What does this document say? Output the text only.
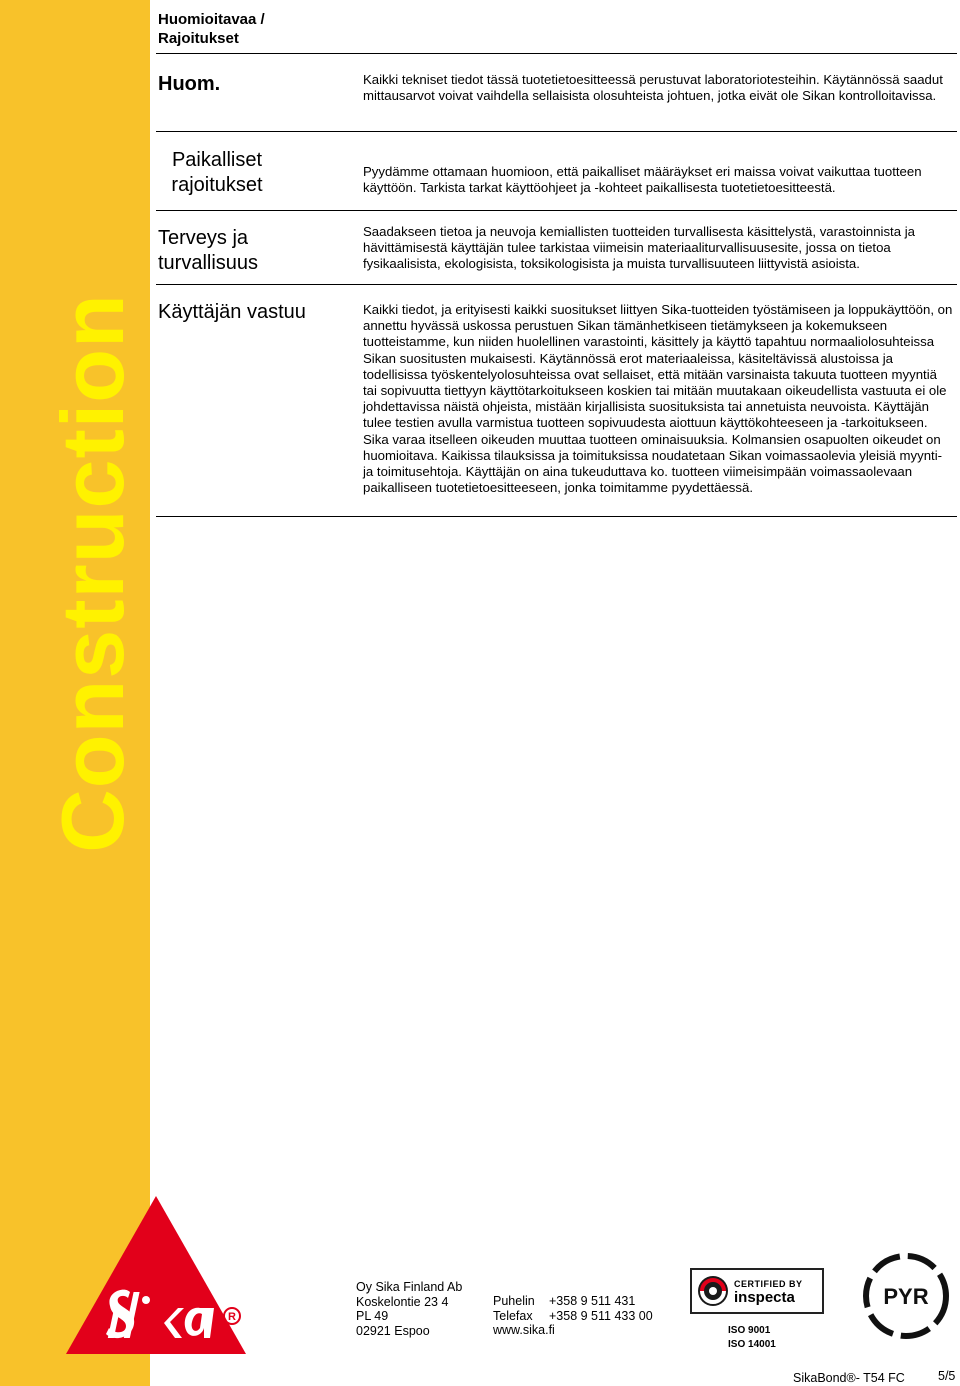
Construction
R
Huomioitavaa / Rajoitukset
Huom.
Paikalliset rajoitukset
Terveys ja turvallisuus
Käyttäjän vastuu
Kaikki tekniset tiedot tässä tuotetietoesitteessä perustuvat laboratoriotesteihin. Käytännössä saadut mittausarvot voivat vaihdella sellaisista olosuhteista johtuen, jotka eivät ole Sikan kontrolloitavissa.
Pyydämme ottamaan huomioon, että paikalliset määräykset eri maissa voivat vaikuttaa tuotteen käyttöön. Tarkista tarkat käyttöohjeet ja -kohteet paikallisesta tuotetietoesitteestä.
Saadakseen tietoa ja neuvoja kemiallisten tuotteiden turvallisesta käsittelystä, varastoinnista ja hävittämisestä käyttäjän tulee tarkistaa viimeisin materiaaliturvallisuusesite, jossa on tietoa fysikaalisista, ekologisista, toksikologisista ja muista turvallisuuteen liittyvistä asioista.
Kaikki tiedot, ja erityisesti kaikki suositukset liittyen Sika-tuotteiden työstämiseen ja loppukäyttöön, on annettu hyvässä uskossa perustuen Sikan tämänhetkiseen tietämykseen ja kokemukseen tuotteistamme, kun niiden huolellinen varastointi, käsittely ja käyttö tapahtuu normaaliolosuhteissa Sikan suositusten mukaisesti. Käytännössä erot materiaaleissa, käsiteltävissä alustoissa ja todellisissa työskentelyolosuhteissa ovat sellaiset, että mitään varsinaista takuuta tuotteen myyntiä tai sopivuutta tiettyyn käyttötarkoitukseen koskien tai mitään muutakaan oikeudellista vastuuta ei ole johdettavissa näistä ohjeista, mistään kirjallisista suosituksista tai annetuista neuvoista. Käyttäjän tulee testien avulla varmistua tuotteen sopivuudesta aiottuun käyttökohteeseen ja -tarkoitukseen. Sika varaa itselleen oikeuden muuttaa tuotteen ominaisuuksia. Kolmansien osapuolten oikeudet on huomioitava. Kaikissa tilauksissa ja toimituksissa noudatetaan Sikan voimassaolevia yleisiä myynti- ja toimitusehtoja. Käyttäjän on aina tukeuduttava ko. tuotteen viimeisimpään voimassaolevaan paikalliseen tuotetietoesitteeseen, jonka toimitamme pyydettäessä.
Oy Sika Finland Ab
Koskelontie 23 4
PL 49
02921 Espoo
Puhelin +358 9 511 431
Telefax +358 9 511 433 00
www.sika.fi
CERTIFIED BY
inspecta
ISO 9001
ISO 14001
PYR
SikaBond®- T54 FC	5/5
